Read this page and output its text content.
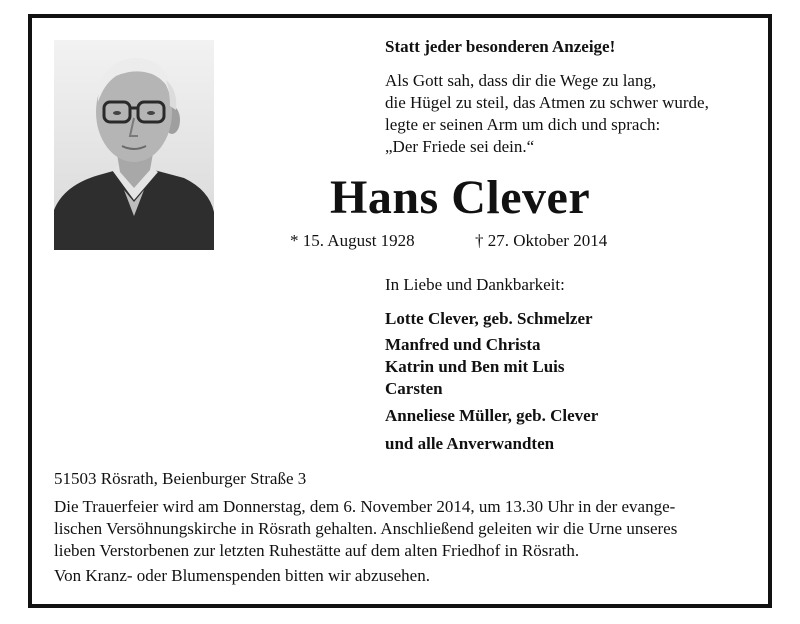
Statt jeder besonderen Anzeige!
Als Gott sah, dass dir die Wege zu lang,
die Hügel zu steil, das Atmen zu schwer wurde,
legte er seinen Arm um dich und sprach:
„Der Friede sei dein.“
Hans Clever
* 15. August 1928	† 27. Oktober 2014
In Liebe und Dankbarkeit:
Lotte Clever, geb. Schmelzer
Manfred und Christa
Katrin und Ben mit Luis
Carsten
Anneliese Müller, geb. Clever
und alle Anverwandten
51503 Rösrath, Beienburger Straße 3
Die Trauerfeier wird am Donnerstag, dem 6. November 2014, um 13.30 Uhr in der evange-
lischen Versöhnungskirche in Rösrath gehalten. Anschließend geleiten wir die Urne unseres
lieben Verstorbenen zur letzten Ruhestätte auf dem alten Friedhof in Rösrath.
Von Kranz- oder Blumenspenden bitten wir abzusehen.
